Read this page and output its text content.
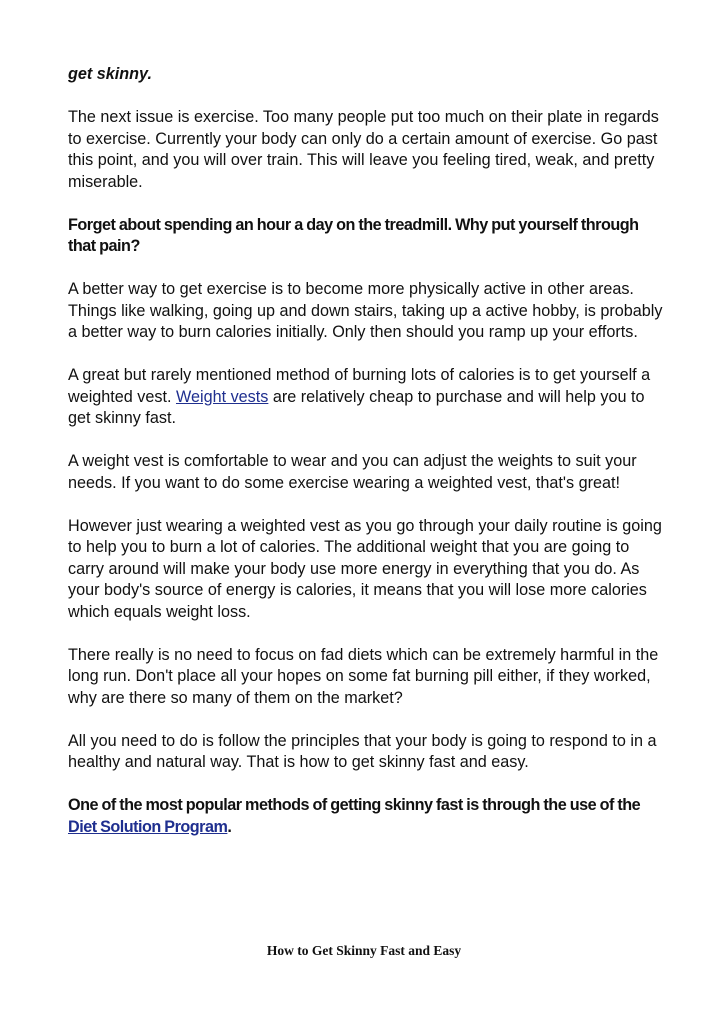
get skinny.

The next issue is exercise. Too many people put too much on their plate in regards to exercise. Currently your body can only do a certain amount of exercise. Go past this point, and you will over train. This will leave you feeling tired, weak, and pretty miserable.

Forget about spending an hour a day on the treadmill. Why put yourself through that pain?

A better way to get exercise is to become more physically active in other areas. Things like walking, going up and down stairs, taking up a active hobby, is probably a better way to burn calories initially. Only then should you ramp up your efforts.

A great but rarely mentioned method of burning lots of calories is to get yourself a weighted vest. Weight vests are relatively cheap to purchase and will help you to get skinny fast.

A weight vest is comfortable to wear and you can adjust the weights to suit your needs. If you want to do some exercise wearing a weighted vest, that's great!

However just wearing a weighted vest as you go through your daily routine is going to help you to burn a lot of calories. The additional weight that you are going to carry around will make your body use more energy in everything that you do. As your body's source of energy is calories, it means that you will lose more calories which equals weight loss.

There really is no need to focus on fad diets which can be extremely harmful in the long run. Don't place all your hopes on some fat burning pill either, if they worked, why are there so many of them on the market?

All you need to do is follow the principles that your body is going to respond to in a healthy and natural way. That is how to get skinny fast and easy.

One of the most popular methods of getting skinny fast is through the use of the Diet Solution Program.

How to Get Skinny Fast and Easy
